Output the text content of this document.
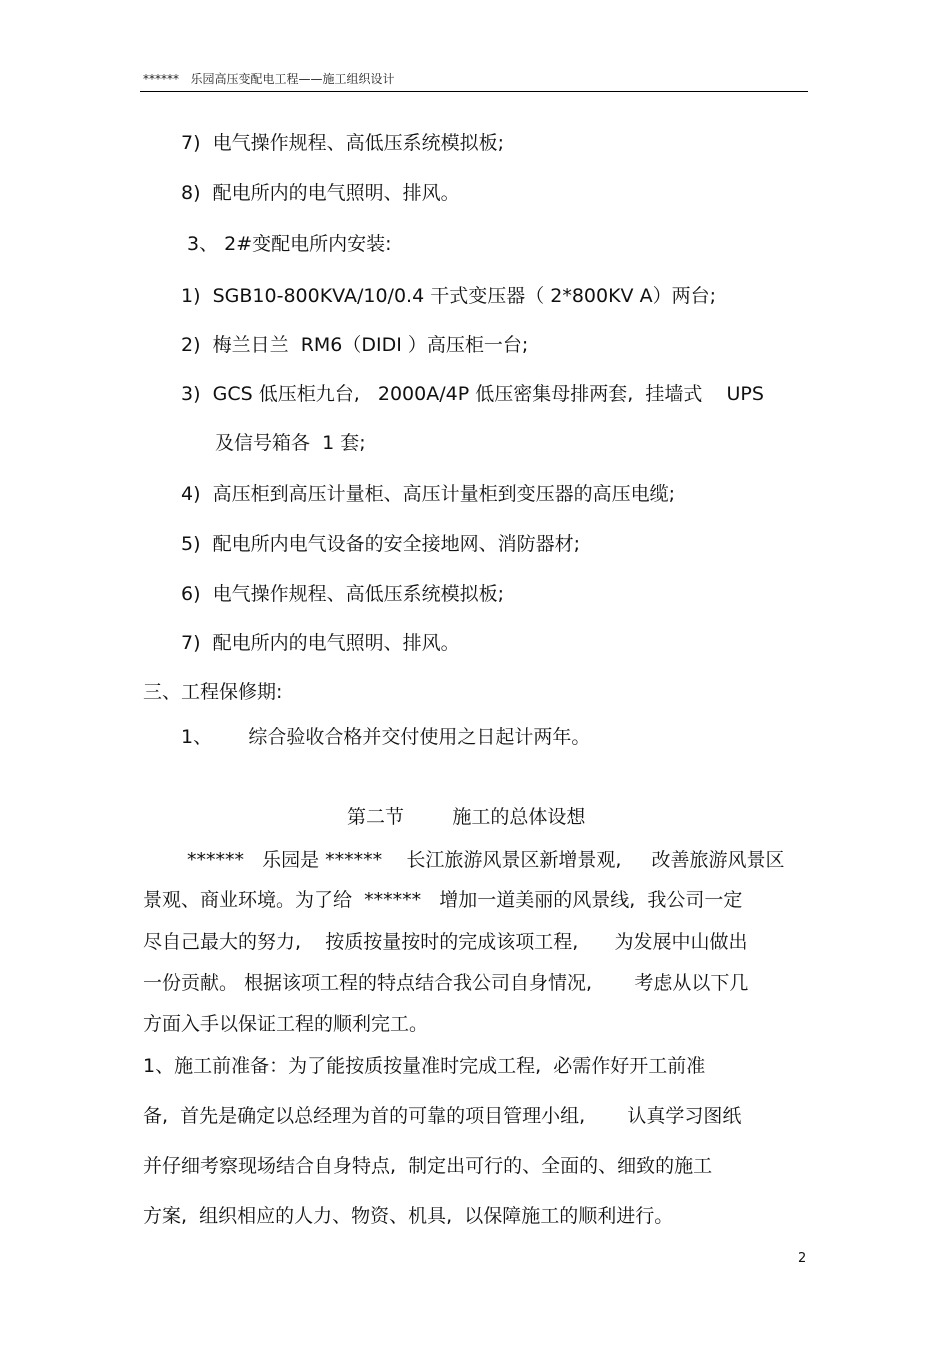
******   乐园高压变配电工程——施工组织设计
7) 电气操作规程、高低压系统模拟板;
8) 配电所内的电气照明、排风。
3、 2#变配电所内安装:
1) SGB10-800KVA/10/0.4 干式变压器（ 2*800KV A）两台;
2) 梅兰日兰  RM6（DIDI ）高压柜一台;
3) GCS 低压柜九台,   2000A/4P 低压密集母排两套,  挂墙式    UPS
及信号箱各  1 套;
4) 高压柜到高压计量柜、高压计量柜到变压器的高压电缆;
5) 配电所内电气设备的安全接地网、消防器材;
6) 电气操作规程、高低压系统模拟板;
7) 配电所内的电气照明、排风。
三、工程保修期:
1、 综合验收合格并交付使用之日起计两年。
第二节        施工的总体设想
******   乐园是 ******    长江旅游风景区新增景观,     改善旅游风景区
景观、商业环境。为了给  ******   增加一道美丽的风景线,  我公司一定
尽自己最大的努力,    按质按量按时的完成该项工程,      为发展中山做出
一份贡献。 根据该项工程的特点结合我公司自身情况,       考虑从以下几
方面入手以保证工程的顺利完工。
1、施工前准备：为了能按质按量准时完成工程,  必需作好开工前准
备,  首先是确定以总经理为首的可靠的项目管理小组,       认真学习图纸
并仔细考察现场结合自身特点,  制定出可行的、全面的、细致的施工
方案,  组织相应的人力、物资、机具,  以保障施工的顺利进行。
2
